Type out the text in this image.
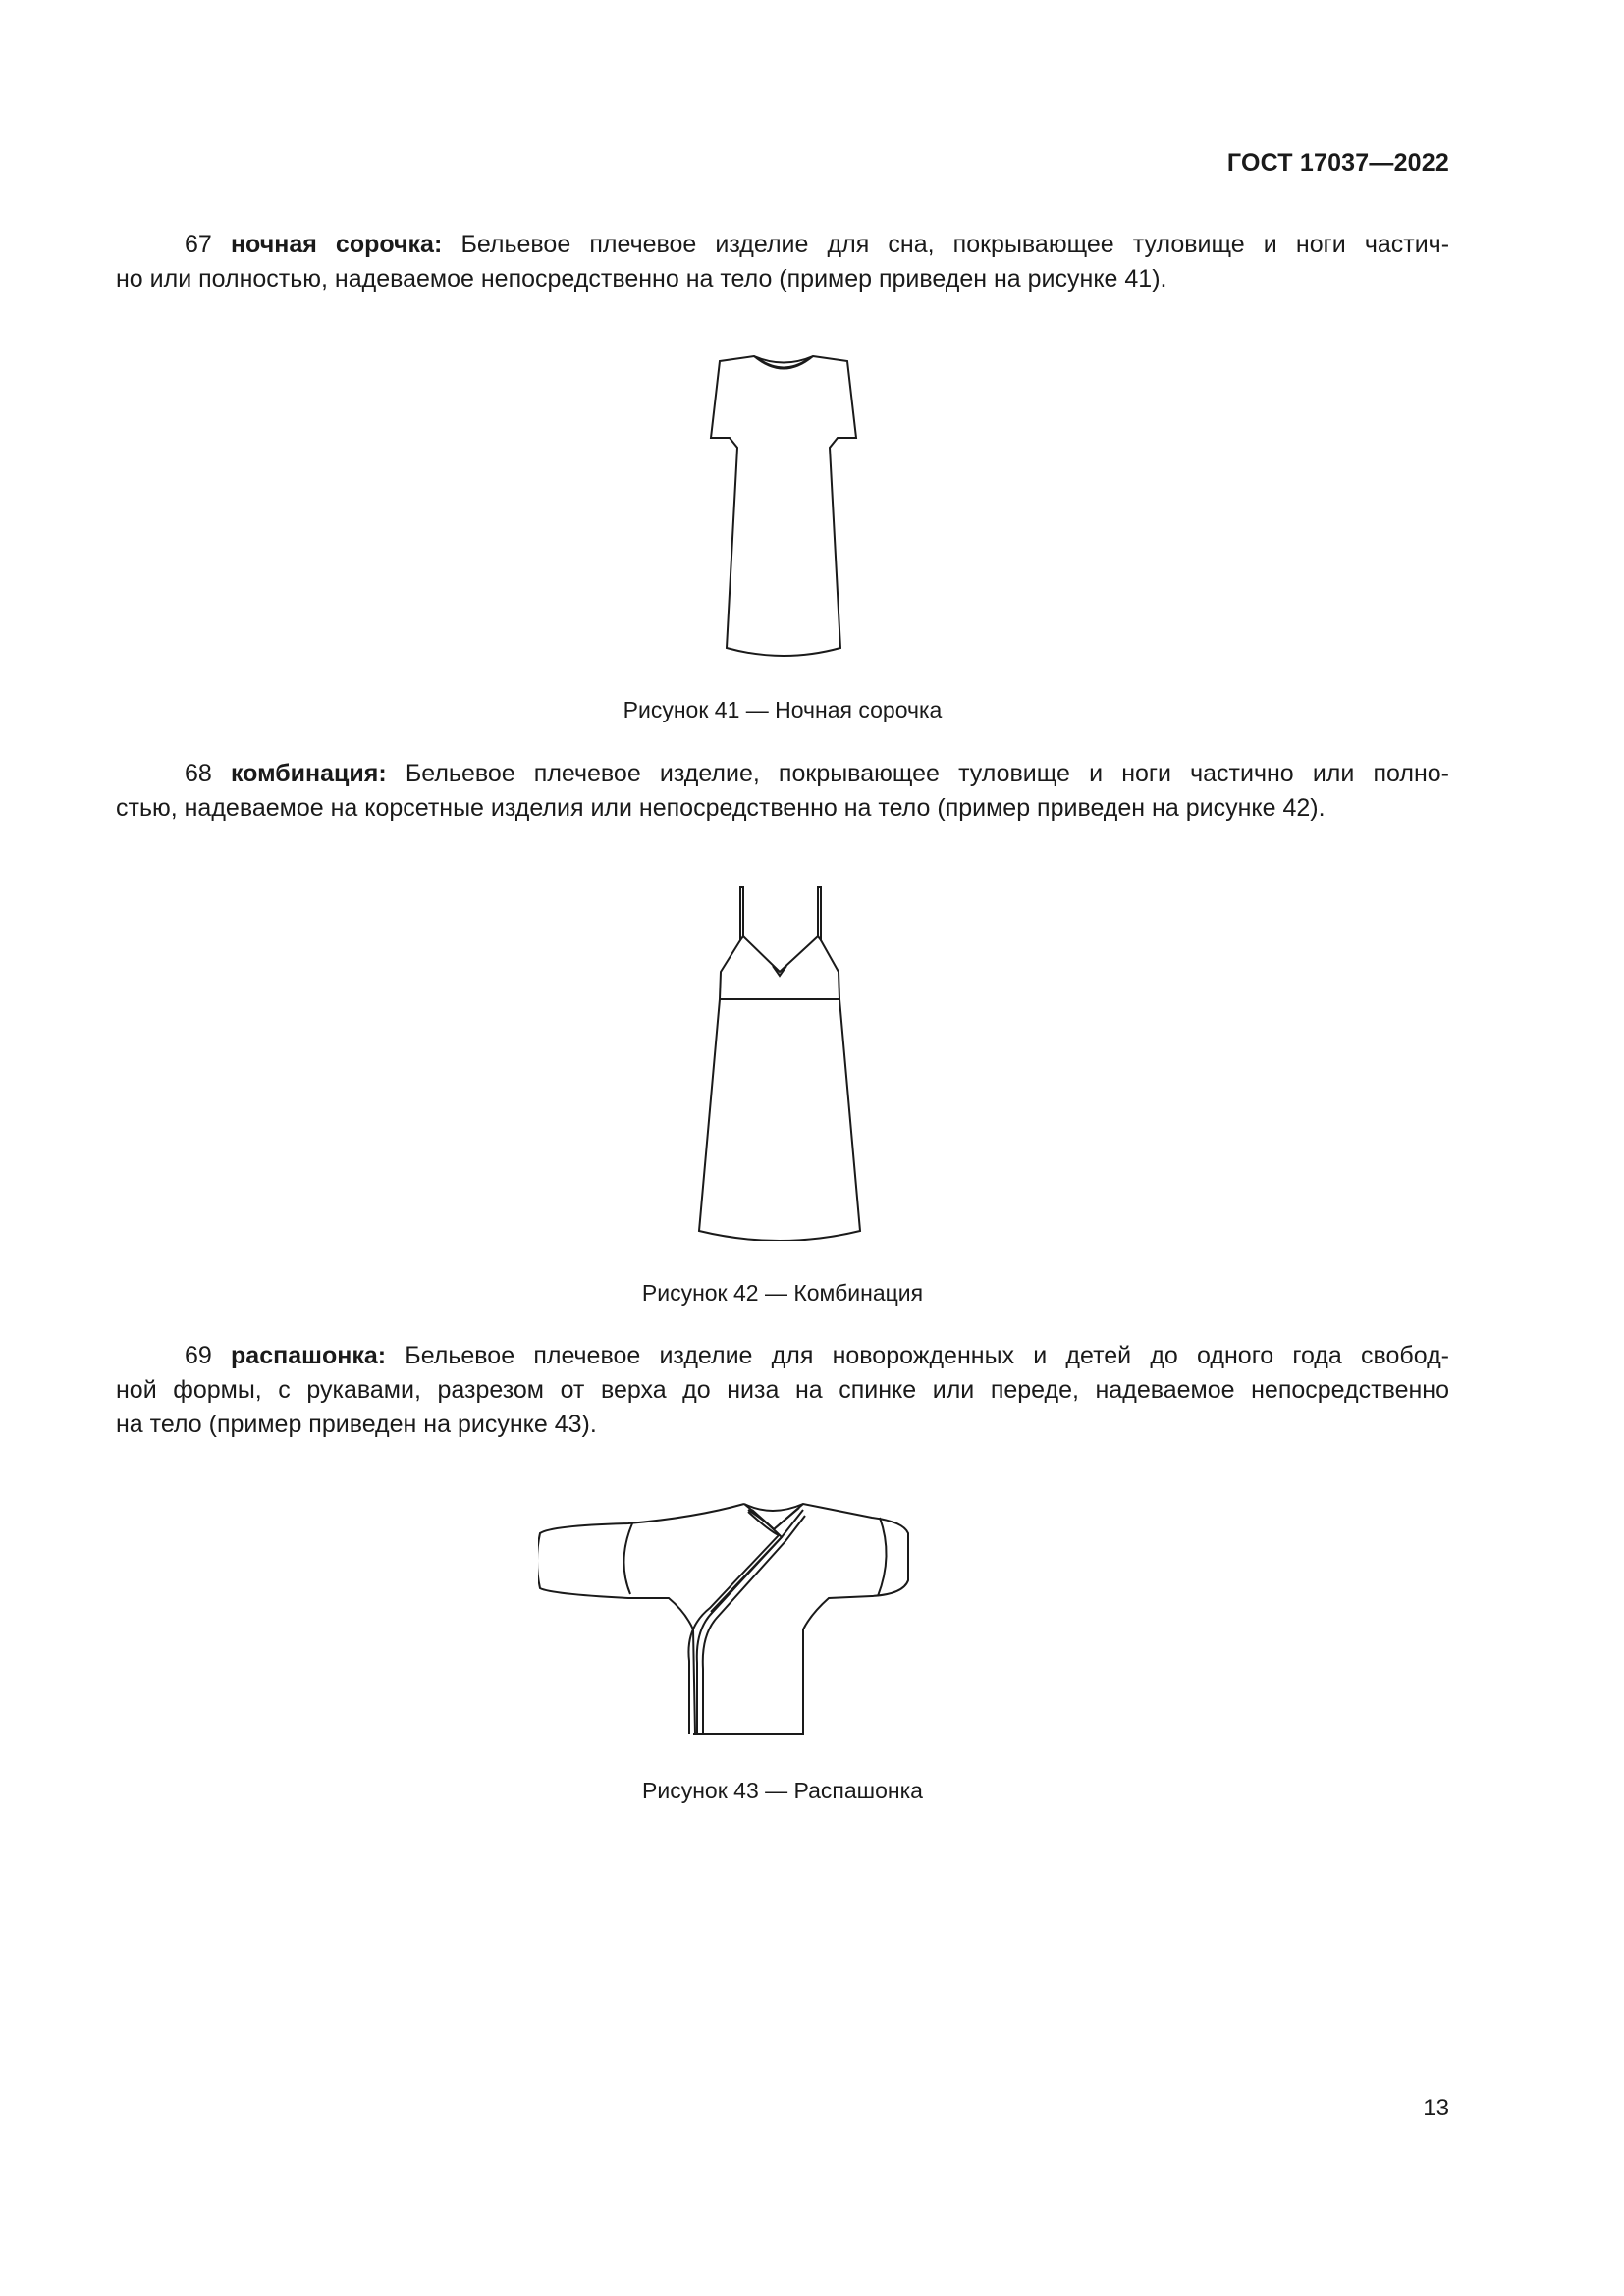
ГОСТ 17037—2022
67 ночная сорочка: Бельевое плечевое изделие для сна, покрывающее туловище и ноги частич-
но или полностью, надеваемое непосредственно на тело (пример приведен на рисунке 41).
Рисунок 41 — Ночная сорочка
68 комбинация: Бельевое плечевое изделие, покрывающее туловище и ноги частично или полно-
стью, надеваемое на корсетные изделия или непосредственно на тело (пример приведен на рисунке 42).
Рисунок 42 — Комбинация
69 распашонка: Бельевое плечевое изделие для новорожденных и детей до одного года свобод-
ной формы, с рукавами, разрезом от верха до низа на спинке или переде, надеваемое непосредственно
на тело (пример приведен на рисунке 43).
Рисунок 43 — Распашонка
13
